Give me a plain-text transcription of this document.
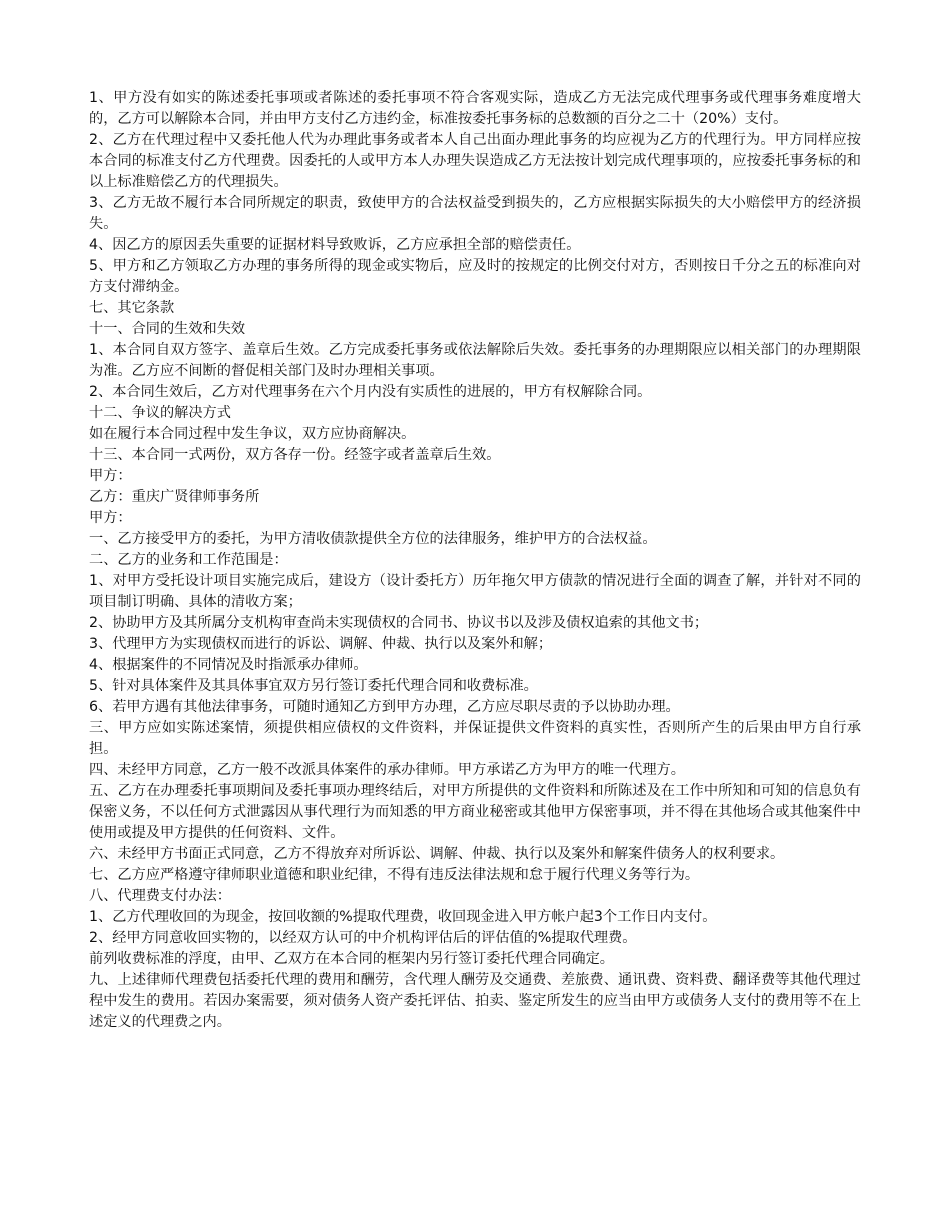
1、甲方没有如实的陈述委托事项或者陈述的委托事项不符合客观实际，造成乙方无法完成代理事务或代理事务难度增大的，乙方可以解除本合同，并由甲方支付乙方违约金，标准按委托事务标的总数额的百分之二十（20%）支付。

2、乙方在代理过程中又委托他人代为办理此事务或者本人自己出面办理此事务的均应视为乙方的代理行为。甲方同样应按本合同的标准支付乙方代理费。因委托的人或甲方本人办理失误造成乙方无法按计划完成代理事项的，应按委托事务标的和以上标准赔偿乙方的代理损失。

3、乙方无故不履行本合同所规定的职责，致使甲方的合法权益受到损失的，乙方应根据实际损失的大小赔偿甲方的经济损失。

4、因乙方的原因丢失重要的证据材料导致败诉，乙方应承担全部的赔偿责任。

5、甲方和乙方领取乙方办理的事务所得的现金或实物后，应及时的按规定的比例交付对方，否则按日千分之五的标准向对方支付滞纳金。

七、其它条款

十一、合同的生效和失效

1、本合同自双方签字、盖章后生效。乙方完成委托事务或依法解除后失效。委托事务的办理期限应以相关部门的办理期限为准。乙方应不间断的督促相关部门及时办理相关事项。

2、本合同生效后，乙方对代理事务在六个月内没有实质性的进展的，甲方有权解除合同。

十二、争议的解决方式

如在履行本合同过程中发生争议，双方应协商解决。

十三、本合同一式两份，双方各存一份。经签字或者盖章后生效。

甲方：

乙方：重庆广贤律师事务所

甲方：

一、乙方接受甲方的委托，为甲方清收债款提供全方位的法律服务，维护甲方的合法权益。

二、乙方的业务和工作范围是：

1、对甲方受托设计项目实施完成后，建设方（设计委托方）历年拖欠甲方债款的情况进行全面的调查了解，并针对不同的项目制订明确、具体的清收方案；

2、协助甲方及其所属分支机构审查尚未实现债权的合同书、协议书以及涉及债权追索的其他文书；

3、代理甲方为实现债权而进行的诉讼、调解、仲裁、执行以及案外和解；

4、根据案件的不同情况及时指派承办律师。

5、针对具体案件及其具体事宜双方另行签订委托代理合同和收费标准。

6、若甲方遇有其他法律事务，可随时通知乙方到甲方办理，乙方应尽职尽责的予以协助办理。

三、甲方应如实陈述案情，须提供相应债权的文件资料，并保证提供文件资料的真实性，否则所产生的后果由甲方自行承担。

四、未经甲方同意，乙方一般不改派具体案件的承办律师。甲方承诺乙方为甲方的唯一代理方。

五、乙方在办理委托事项期间及委托事项办理终结后，对甲方所提供的文件资料和所陈述及在工作中所知和可知的信息负有保密义务，不以任何方式泄露因从事代理行为而知悉的甲方商业秘密或其他甲方保密事项，并不得在其他场合或其他案件中使用或提及甲方提供的任何资料、文件。

六、未经甲方书面正式同意，乙方不得放弃对所诉讼、调解、仲裁、执行以及案外和解案件债务人的权利要求。

七、乙方应严格遵守律师职业道德和职业纪律，不得有违反法律法规和怠于履行代理义务等行为。

八、代理费支付办法：

1、乙方代理收回的为现金，按回收额的%提取代理费，收回现金进入甲方帐户起3个工作日内支付。

2、经甲方同意收回实物的，以经双方认可的中介机构评估后的评估值的%提取代理费。

前列收费标准的浮度，由甲、乙双方在本合同的框架内另行签订委托代理合同确定。

九、上述律师代理费包括委托代理的费用和酬劳，含代理人酬劳及交通费、差旅费、通讯费、资料费、翻译费等其他代理过程中发生的费用。若因办案需要，须对债务人资产委托评估、拍卖、鉴定所发生的应当由甲方或债务人支付的费用等不在上述定义的代理费之内。
